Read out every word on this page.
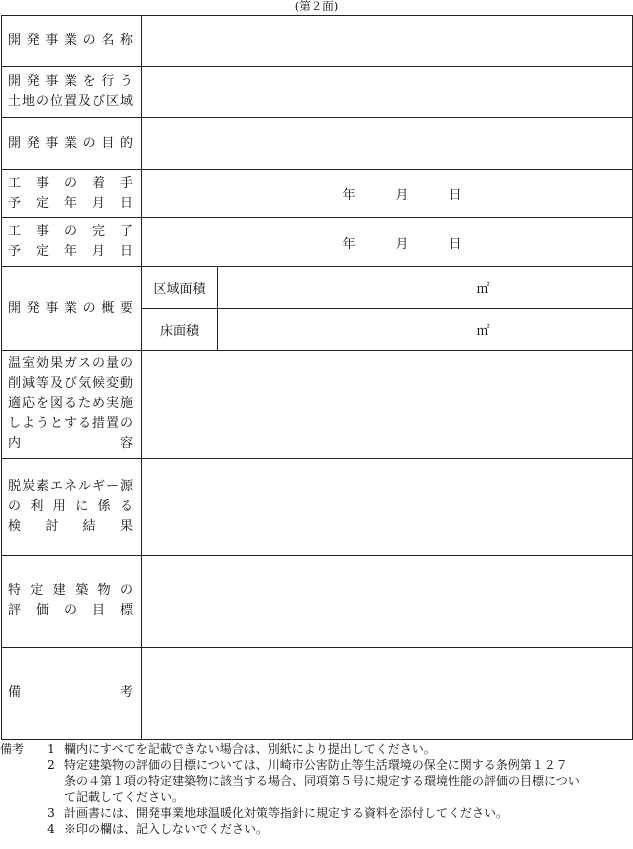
(第２面)
開発事業の名称		

開発事業を行う
土地の位置及び区域		

開発事業の目的		

工事の着手
予定年月日	年 月 日	

工事の完了
予定年月日	年 月 日	

開発事業の概要	区域面積	㎡
	床面積	㎡

温室効果ガスの量の
削減等及び気候変動
適応を図るため実施
しようとする措置の
内容		

脱炭素エネルギー源
の利用に係る
検討結果		

特定建築物の
評価の目標		

備考		

備考	1 欄内にすべてを記載できない場合は、別紙により提出してください。
2 特定建築物の評価の目標については、川崎市公害防止等生活環境の保全に関する条例第１２７
条の４第１項の特定建築物に該当する場合、同項第５号に規定する環境性能の評価の目標につい
て記載してください。
3 計画書には、開発事業地球温暖化対策等指針に規定する資料を添付してください。
4 ※印の欄は、記入しないでください。
